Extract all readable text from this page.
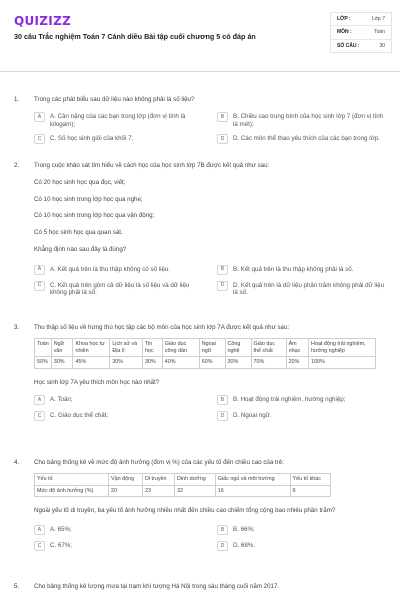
QUIZIZZ
30 câu Trắc nghiệm Toán 7 Cánh diều Bài tập cuối chương 5 có đáp án
LỚP :	Lớp 7
MÔN :	Toán
SỐ CÂU :	30
1. Trong các phát biểu sau dữ liệu nào không phải là số liệu?
A	A. Cân nặng của các bạn trong lớp (đơn vị tính là kilogam);
B	B. Chiều cao trung bình của học sinh lớp 7 (đơn vị tính là mét);
C	C. Số học sinh giỏi của khối 7;	D	D. Các môn thể thao yêu thích của các bạn trong lớp.
2. Trong cuộc khảo sát tìm hiểu về cách học của học sinh lớp 7B được kết quả như sau:
Có 20 học sinh học qua đọc, viết;
Có 10 học sinh trong lớp học qua nghe;
Có 10 học sinh trong lớp học qua vận động;
Có 5 học sinh học qua quan sát.
Khẳng định nào sau đây là đúng?
A	A. Kết quả trên là thu thập không có số liệu.	B	B. Kết quả trên là thu thập không phải là số.
C	C. Kết quả trên gồm cả dữ liệu là số liệu và dữ liệu không phải là số.
D	D. Kết quả trên là dữ liệu phân trăm không phải dữ liệu là số.
3. Thu thập số liệu về hứng thú học tập các bộ môn của học sinh lớp 7A được kết quả như sau:
Toán	Ngữ văn	Khoa học tự nhiên	Lịch sử và Địa lí	Tin học	Giáo dục công dân	Ngoại ngữ	Công nghệ	Giáo dục thể chất	Âm nhạc	Hoạt động trải nghiệm, hướng nghiệp
50%	30%	45%	30%	30%	40%	60%	30%	70%	20%	100%
Học sinh lớp 7A yêu thích môn học nào nhất?
A	A. Toán;	B	B. Hoạt động trải nghiệm, hướng nghiệp;
C	C. Giáo dục thể chất;	D	D. Ngoại ngữ.
4. Cho bảng thống kê về mức độ ảnh hưởng (đơn vị %) của các yếu tố đến chiều cao của trẻ:
Yếu tố	Vận động	Di truyền	Dinh dưỡng	Giấc ngủ và môi trường	Yếu tố khác
Mức độ ảnh hưởng (%)	20	23	32	16	9
Ngoài yếu tố di truyền, ba yếu tố ảnh hưởng nhiều nhất đến chiều cao chiếm tổng cộng bao nhiêu phần trăm?
A	A. 65%;	B	B. 66%;
C	C. 67%;	D	D. 68%.
5. Cho bảng thống kê lượng mưa tại trạm khí tượng Hà Nội trong sáu tháng cuối năm 2017.
